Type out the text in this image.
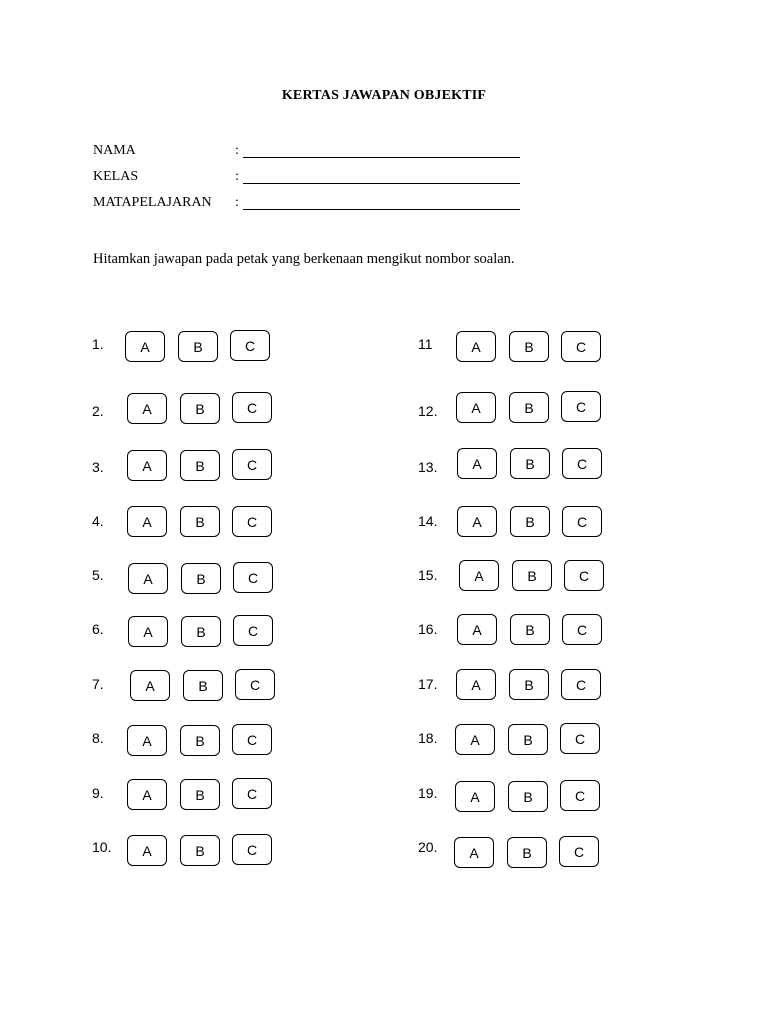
KERTAS JAWAPAN OBJEKTIF
NAMA	:
KELAS	:
MATAPELAJARAN :
Hitamkan jawapan pada petak yang berkenaan mengikut nombor soalan.
1.	A	B	C
2.	A	B	C
3.	A	B	C
4.	A	B	C
5.	A	B	C
6.	A	B	C
7.	A	B	C
8.	A	B	C
9.	A	B	C
10.	A	B	C
11	A	B	C
12.	A	B	C
13.	A	B	C
14.	A	B	C
15.	A	B	C
16.	A	B	C
17.	A	B	C
18.	A	B	C
19.	A	B	C
20.	A	B	C
